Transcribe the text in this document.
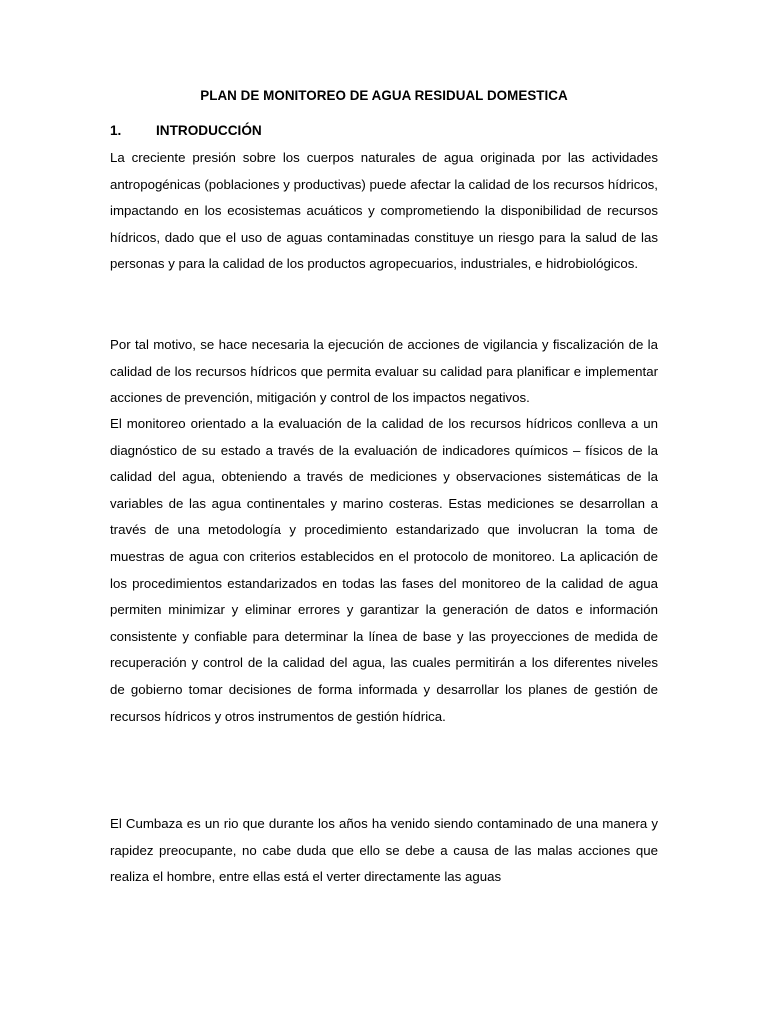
PLAN DE MONITOREO DE AGUA RESIDUAL DOMESTICA
1.	INTRODUCCIÓN

La creciente presión sobre los cuerpos naturales de agua originada por las actividades antropogénicas (poblaciones y productivas) puede afectar la calidad de los recursos hídricos, impactando en los ecosistemas acuáticos y comprometiendo la disponibilidad de recursos hídricos, dado que el uso de aguas contaminadas constituye un riesgo para la salud de las personas y para la calidad de los productos agropecuarios, industriales, e hidrobiológicos.

Por tal motivo, se hace necesaria la ejecución de acciones de vigilancia y fiscalización de la calidad de los recursos hídricos que permita evaluar su calidad para planificar e implementar acciones de prevención, mitigación y control de los impactos negativos.

El monitoreo orientado a la evaluación de la calidad de los recursos hídricos conlleva a un diagnóstico de su estado a través de la evaluación de indicadores químicos – físicos de la calidad del agua, obteniendo a través de mediciones y observaciones sistemáticas de la variables de las agua continentales y marino costeras. Estas mediciones se desarrollan a través de una metodología y procedimiento estandarizado que involucran la toma de muestras de agua con criterios establecidos en el protocolo de monitoreo. La aplicación de los procedimientos estandarizados en todas las fases del monitoreo de la calidad de agua permiten minimizar y eliminar errores y garantizar la generación de datos e información consistente y confiable para determinar la línea de base y las proyecciones de medida de recuperación y control de la calidad del agua, las cuales permitirán a los diferentes niveles de gobierno tomar decisiones de forma informada y desarrollar los planes de gestión de recursos hídricos y otros instrumentos de gestión hídrica.

El Cumbaza es un rio que durante los años ha venido siendo contaminado de una manera y rapidez preocupante, no cabe duda que ello se debe a causa de las malas acciones que realiza el hombre, entre ellas está el verter directamente las aguas
